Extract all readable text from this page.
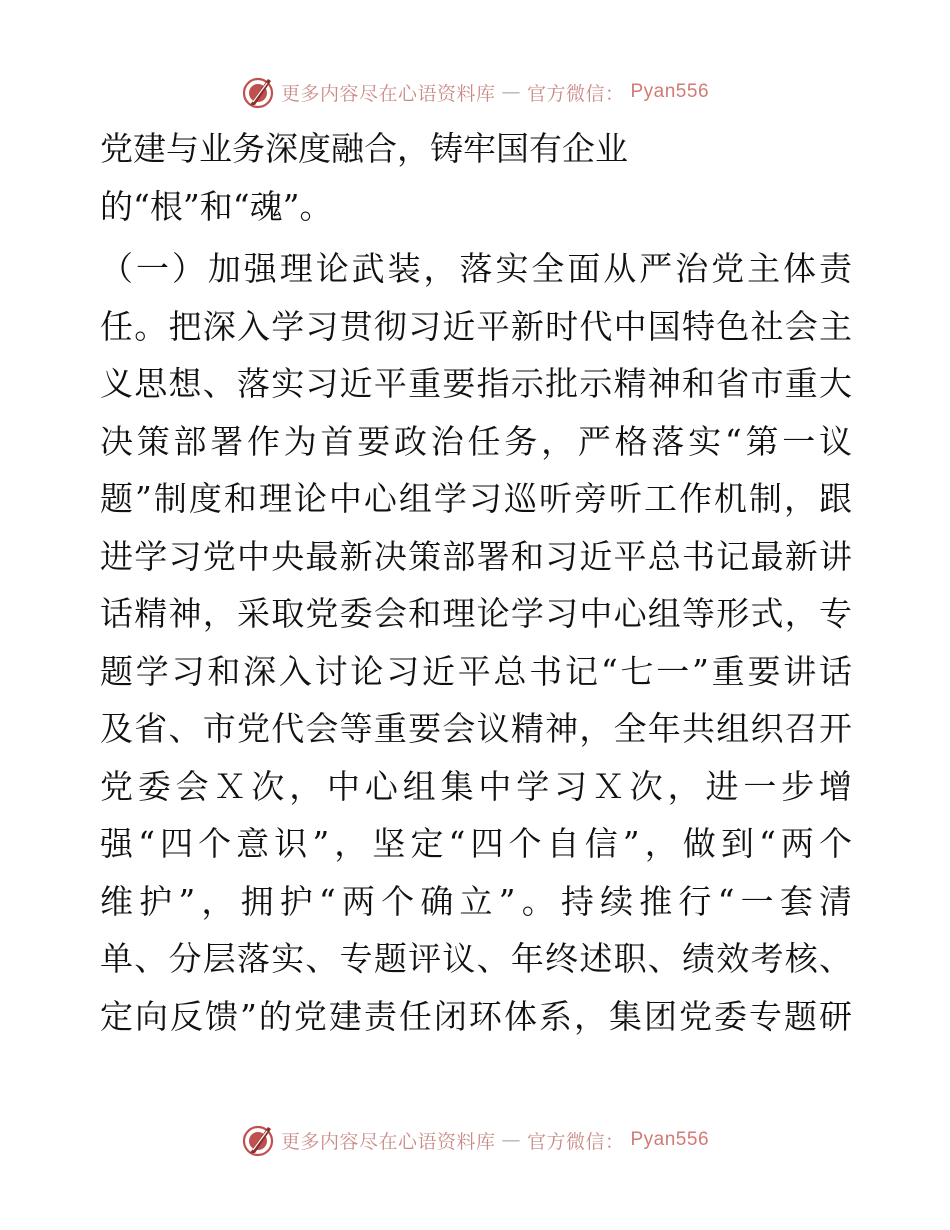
更多内容尽在心语资料库 — 官方微信： Pyan556
党建与业务深度融合，铸牢国有企业
的“根”和“魂”。
（一）加强理论武装，落实全面从严治党主体责
任。把深入学习贯彻习近平新时代中国特色社会主
义思想、落实习近平重要指示批示精神和省市重大
决策部署作为首要政治任务，严格落实“第一议
题”制度和理论中心组学习巡听旁听工作机制，跟
进学习党中央最新决策部署和习近平总书记最新讲
话精神，采取党委会和理论学习中心组等形式，专
题学习和深入讨论习近平总书记“七一”重要讲话
及省、市党代会等重要会议精神，全年共组织召开
党委会Ｘ次，中心组集中学习Ｘ次，进一步增
强“四个意识”，坚定“四个自信”，做到“两个
维护”，拥护“两个确立”。持续推行“一套清
单、分层落实、专题评议、年终述职、绩效考核、
定向反馈”的党建责任闭环体系，集团党委专题研
更多内容尽在心语资料库 — 官方微信： Pyan556
